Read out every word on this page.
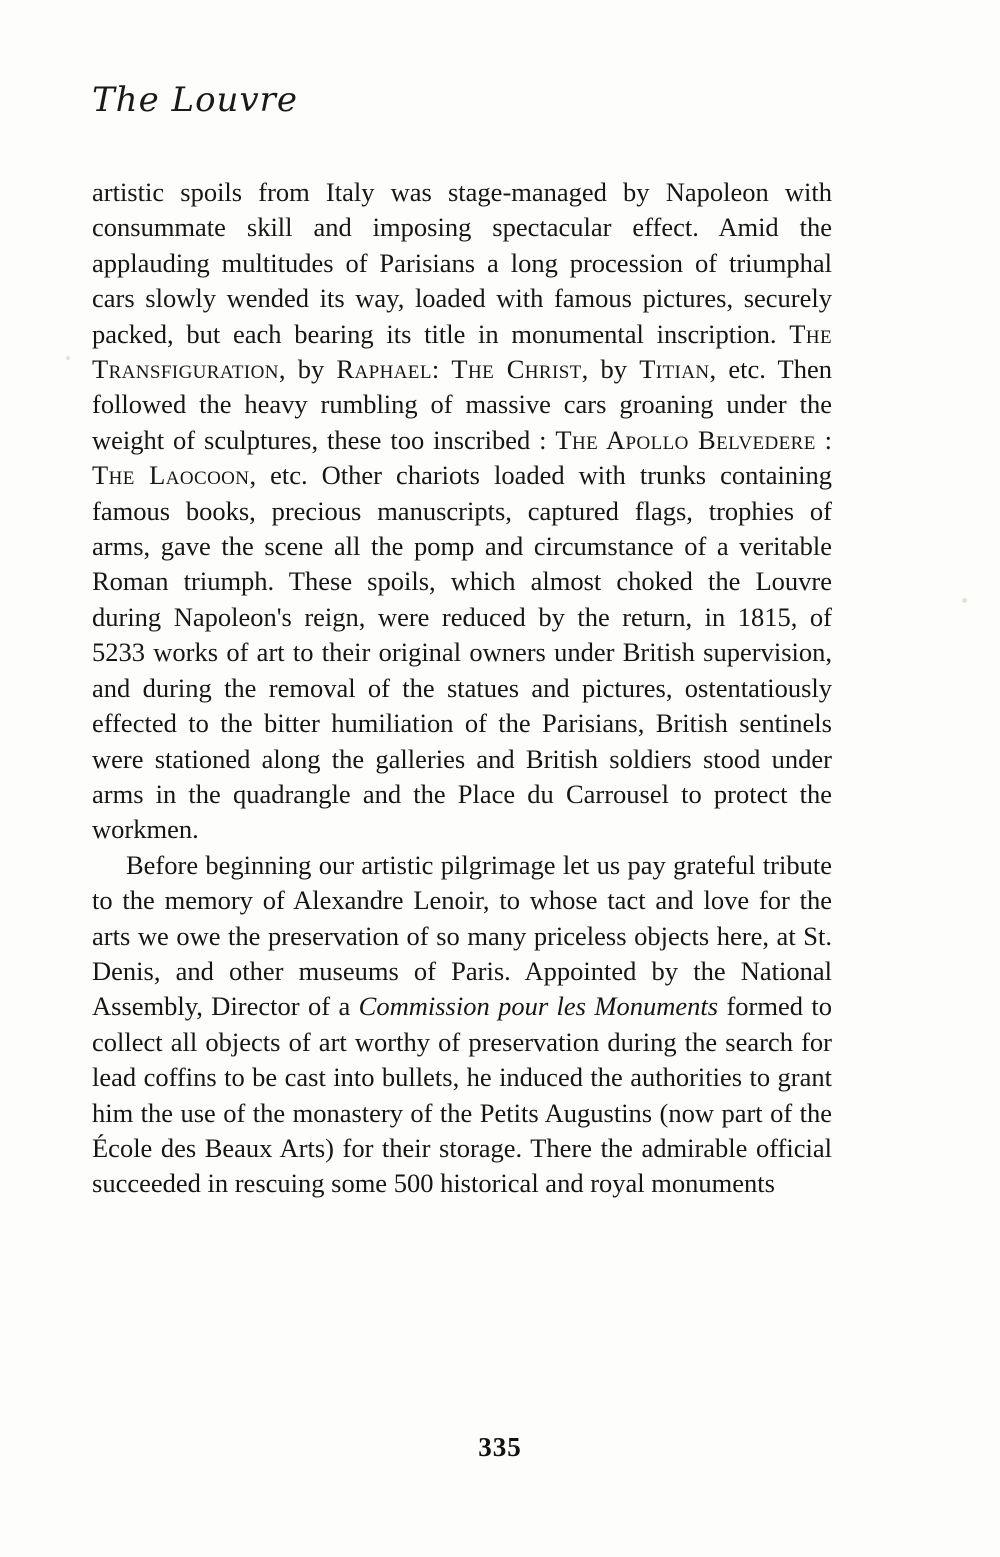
The Louvre

artistic spoils from Italy was stage-managed by Napoleon with consummate skill and imposing spectacular effect. Amid the applauding multitudes of Parisians a long procession of triumphal cars slowly wended its way, loaded with famous pictures, securely packed, but each bearing its title in monumental inscription. The Transfiguration, by Raphael: The Christ, by Titian, etc. Then followed the heavy rumbling of massive cars groaning under the weight of sculptures, these too inscribed : The Apollo Belvedere : The Laocoon, etc. Other chariots loaded with trunks containing famous books, precious manuscripts, captured flags, trophies of arms, gave the scene all the pomp and circumstance of a veritable Roman triumph. These spoils, which almost choked the Louvre during Napoleon's reign, were reduced by the return, in 1815, of 5233 works of art to their original owners under British supervision, and during the removal of the statues and pictures, ostentatiously effected to the bitter humiliation of the Parisians, British sentinels were stationed along the galleries and British soldiers stood under arms in the quadrangle and the Place du Carrousel to protect the workmen.

Before beginning our artistic pilgrimage let us pay grateful tribute to the memory of Alexandre Lenoir, to whose tact and love for the arts we owe the preservation of so many priceless objects here, at St. Denis, and other museums of Paris. Appointed by the National Assembly, Director of a Commission pour les Monuments formed to collect all objects of art worthy of preservation during the search for lead coffins to be cast into bullets, he induced the authorities to grant him the use of the monastery of the Petits Augustins (now part of the École des Beaux Arts) for their storage. There the admirable official succeeded in rescuing some 500 historical and royal monuments

335
